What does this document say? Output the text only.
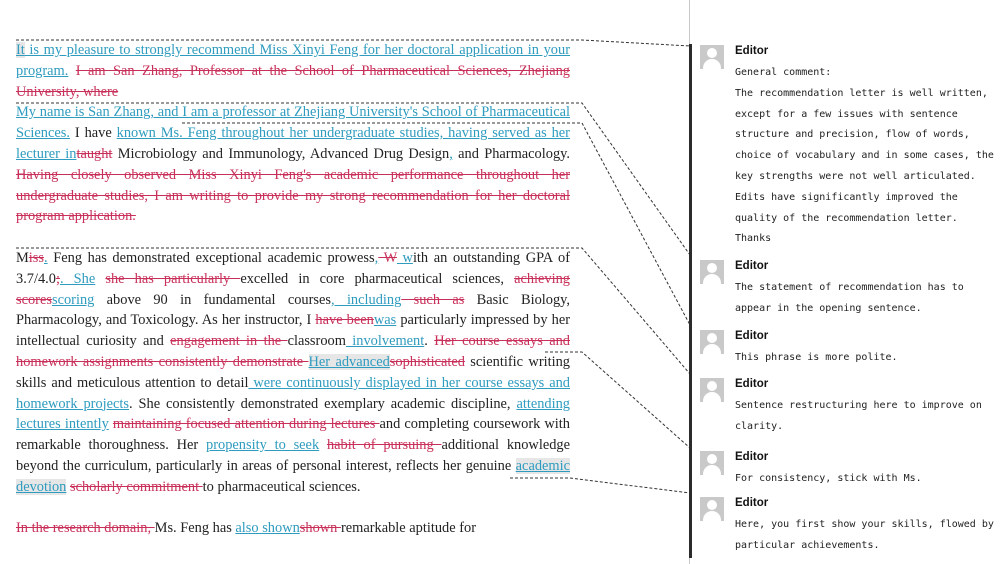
It is my pleasure to strongly recommend Miss Xinyi Feng for her doctoral application in your program. I am San Zhang, Professor at the School of Pharmaceutical Sciences, Zhejiang University, where
My name is San Zhang, and I am a professor at Zhejiang University's School of Pharmaceutical Sciences. I have known Ms. Feng throughout her undergraduate studies, having served as her lecturer intaught Microbiology and Immunology, Advanced Drug Design, and Pharmacology. Having closely observed Miss Xinyi Feng's academic performance throughout her undergraduate studies, I am writing to provide my strong recommendation for her doctoral program application.

Miss. Feng has demonstrated exceptional academic prowess, W with an outstanding GPA of 3.7/4.0;. She she has particularly excelled in core pharmaceutical sciences, achieving scoresscoring above 90 in fundamental courses, including such as Basic Biology, Pharmacology, and Toxicology. As her instructor, I have beenwas particularly impressed by her intellectual curiosity and engagement in the classroom involvement. Her course essays and homework assignments consistently demonstrate Her advancedsophisticated scientific writing skills and meticulous attention to detail were continuously displayed in her course essays and homework projects. She consistently demonstrated exemplary academic discipline, attending lectures intently maintaining focused attention during lectures and completing coursework with remarkable thoroughness. Her propensity to seek habit of pursuing additional knowledge beyond the curriculum, particularly in areas of personal interest, reflects her genuine academic devotion scholarly commitment to pharmaceutical sciences.

In the research domain, Ms. Feng has also shownshown remarkable aptitude for

Editor
General comment:
The recommendation letter is well written, except for a few issues with sentence structure and precision, flow of words, choice of vocabulary and in some cases, the key strengths were not well articulated. Edits have significantly improved the quality of the recommendation letter.
Thanks
Editor
The statement of recommendation has to appear in the opening sentence.
Editor
This phrase is more polite.
Editor
Sentence restructuring here to improve on clarity.
Editor
For consistency, stick with Ms.
Editor
Here, you first show your skills, flowed by particular achievements.
